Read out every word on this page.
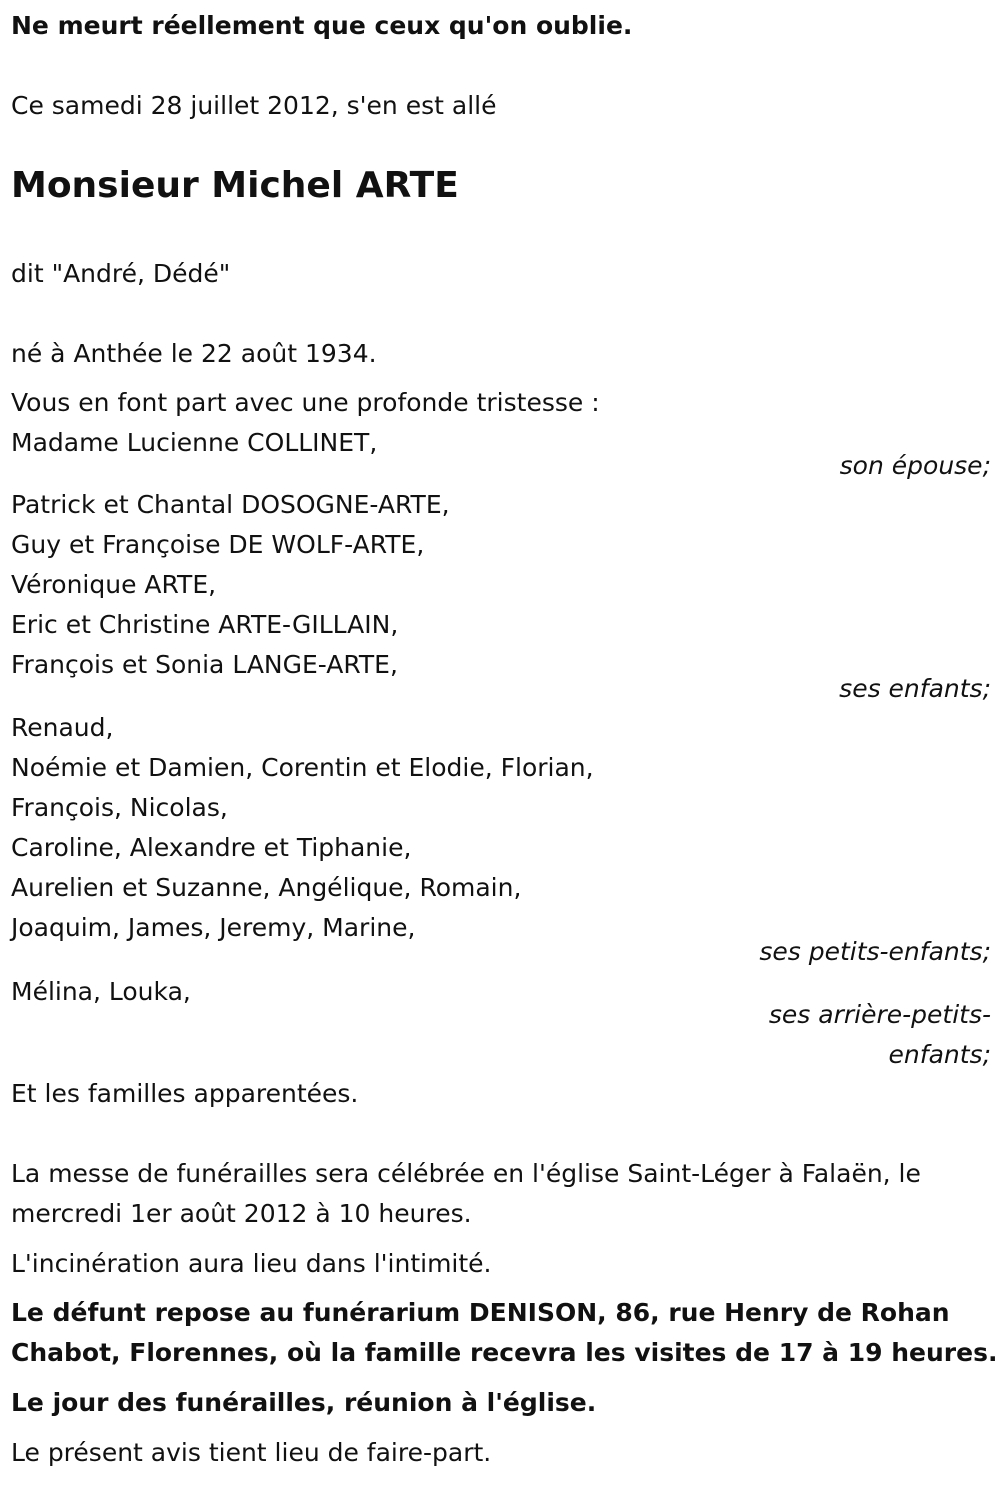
Ne meurt réellement que ceux qu'on oublie.

Ce samedi 28 juillet 2012, s'en est allé

Monsieur Michel ARTE

dit "André, Dédé"

né à Anthée le 22 août 1934.

Vous en font part avec une profonde tristesse :

Madame Lucienne COLLINET,

son épouse;

Patrick et Chantal DOSOGNE-ARTE,

Guy et Françoise DE WOLF-ARTE,

Véronique ARTE,

Eric et Christine ARTE-GILLAIN,

François et Sonia LANGE-ARTE,

ses enfants;

Renaud,

Noémie et Damien, Corentin et Elodie, Florian,

François, Nicolas,

Caroline, Alexandre et Tiphanie,

Aurelien et Suzanne, Angélique, Romain,

Joaquim, James, Jeremy, Marine,

ses petits-enfants;

Mélina, Louka,

ses arrière-petits-

enfants;

Et les familles apparentées.

La messe de funérailles sera célébrée en l'église Saint-Léger à Falaën, le

mercredi 1er août 2012 à 10 heures.

L'incinération aura lieu dans l'intimité.

Le défunt repose au funérarium DENISON, 86, rue Henry de Rohan

Chabot, Florennes, où la famille recevra les visites de 17 à 19 heures.

Le jour des funérailles, réunion à l'église.

Le présent avis tient lieu de faire-part.
